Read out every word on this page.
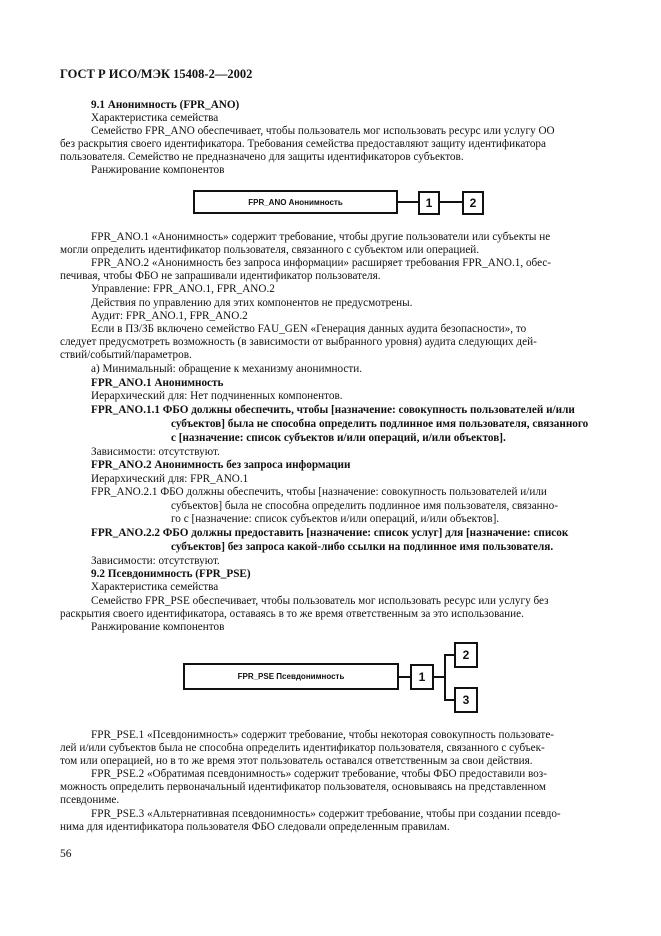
ГОСТ Р ИСО/МЭК 15408-2—2002
9.1 Анонимность (FPR_ANO)
Характеристика семейства
Семейство FPR_ANO обеспечивает, чтобы пользователь мог использовать ресурс или услугу ОО
без раскрытия своего идентификатора. Требования семейства предоставляют защиту идентификатора
пользователя. Семейство не предназначено для защиты идентификаторов субъектов.
Ранжирование компонентов
FPR_ANO Анонимность	1	2
FPR_ANO.1 «Анонимность» содержит требование, чтобы другие пользователи или субъекты не
могли определить идентификатор пользователя, связанного с субъектом или операцией.
FPR_ANO.2 «Анонимность без запроса информации» расширяет требования FPR_ANO.1, обес-
печивая, чтобы ФБО не запрашивали идентификатор пользователя.
Управление: FPR_ANO.1, FPR_ANO.2
Действия по управлению для этих компонентов не предусмотрены.
Аудит: FPR_ANO.1, FPR_ANO.2
Если в ПЗ/ЗБ включено семейство FAU_GEN «Генерация данных аудита безопасности», то
следует предусмотреть возможность (в зависимости от выбранного уровня) аудита следующих дей-
ствий/событий/параметров.
а) Минимальный: обращение к механизму анонимности.
FPR_ANO.1 Анонимность
Иерархический для: Нет подчиненных компонентов.
FPR_ANO.1.1 ФБО должны обеспечить, чтобы [назначение: совокупность пользователей и/или
субъектов] была не способна определить подлинное имя пользователя, связанного
с [назначение: список субъектов и/или операций, и/или объектов].
Зависимости: отсутствуют.
FPR_ANO.2 Анонимность без запроса информации
Иерархический для: FPR_ANO.1
FPR_ANO.2.1 ФБО должны обеспечить, чтобы [назначение: совокупность пользователей и/или
субъектов] была не способна определить подлинное имя пользователя, связанно-
го с [назначение: список субъектов и/или операций, и/или объектов].
FPR_ANO.2.2 ФБО должны предоставить [назначение: список услуг] для [назначение: список
субъектов] без запроса какой-либо ссылки на подлинное имя пользователя.
Зависимости: отсутствуют.
9.2 Псевдонимность (FPR_PSE)
Характеристика семейства
Семейство FPR_PSE обеспечивает, чтобы пользователь мог использовать ресурс или услугу без
раскрытия своего идентификатора, оставаясь в то же время ответственным за это использование.
Ранжирование компонентов
FPR_PSE Псевдонимность	1
2
3
FPR_PSE.1 «Псевдонимность» содержит требование, чтобы некоторая совокупность пользовате-
лей и/или субъектов была не способна определить идентификатор пользователя, связанного с субъек-
том или операцией, но в то же время этот пользователь оставался ответственным за свои действия.
FPR_PSE.2 «Обратимая псевдонимность» содержит требование, чтобы ФБО предоставили воз-
можность определить первоначальный идентификатор пользователя, основываясь на представленном
псевдониме.
FPR_PSE.3 «Альтернативная псевдонимность» содержит требование, чтобы при создании псевдо-
нима для идентификатора пользователя ФБО следовали определенным правилам.
56
